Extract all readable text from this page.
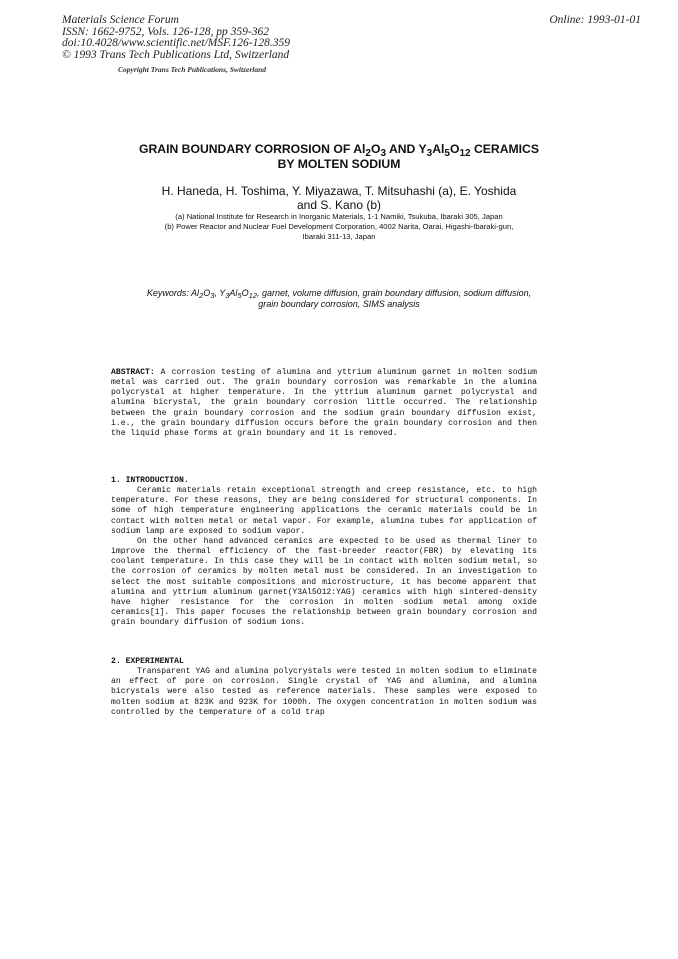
Materials Science Forum
ISSN: 1662-9752, Vols. 126-128, pp 359-362
doi:10.4028/www.scientific.net/MSF.126-128.359
© 1993 Trans Tech Publications Ltd, Switzerland
Online: 1993-01-01
Copyright Trans Tech Publications, Switzerland
GRAIN BOUNDARY CORROSION OF $Al_2O_3$ AND $Y_3Al_5O_{12}$ CERAMICS
BY MOLTEN SODIUM
H. Haneda, H. Toshima, Y. Miyazawa, T. Mitsuhashi (a), E. Yoshida
and S. Kano (b)
(a) National Institute for Research in Inorganic Materials, 1-1 Namiki, Tsukuba, Ibaraki 305, Japan
(b) Power Reactor and Nuclear Fuel Development Corporation, 4002 Narita, Oarai, Higashi-Ibaraki-gun,
Ibaraki 311-13, Japan
Keywords: $Al_2O_3$, $Y_3Al_5O_{12}$, garnet, volume diffusion, grain boundary diffusion, sodium diffusion,
grain boundary corrosion, SIMS analysis

ABSTRACT: A corrosion testing of alumina and yttrium aluminum garnet in molten sodium metal was carried out. The grain boundary corrosion was remarkable in the alumina polycrystal at higher temperature. In the yttrium aluminum garnet polycrystal and alumina bicrystal, the grain boundary corrosion little occurred. The relationship between the grain boundary corrosion and the sodium grain boundary diffusion exist, i.e., the grain boundary diffusion occurs before the grain boundary corrosion and then the liquid phase forms at grain boundary and it is removed.

1. INTRODUCTION.

Ceramic materials retain exceptional strength and creep resistance, etc. to high temperature. For these reasons, they are being considered for structural components. In some of high temperature engineering applications the ceramic materials could be in contact with molten metal or metal vapor. For example, alumina tubes for application of sodium lamp are exposed to sodium vapor.

On the other hand advanced ceramics are expected to be used as thermal liner to improve the thermal efficiency of the fast-breeder reactor(FBR) by elevating its coolant temperature. In this case they will be in contact with molten sodium metal, so the corrosion of ceramics by molten metal must be considered. In an investigation to select the most suitable compositions and microstructure, it has become apparent that alumina and yttrium aluminum garnet(Y3Al5O12:YAG) ceramics with high sintered-density have higher resistance for the corrosion in molten sodium metal among oxide ceramics[1]. This paper focuses the relationship between grain boundary corrosion and grain boundary diffusion of sodium ions.

2. EXPERIMENTAL

Transparent YAG and alumina polycrystals were tested in molten sodium to eliminate an effect of pore on corrosion. Single crystal of YAG and alumina, and alumina bicrystals were also tested as reference materials. These samples were exposed to molten sodium at 823K and 923K for 1000h. The oxygen concentration in molten sodium was controlled by the temperature of a cold trap
